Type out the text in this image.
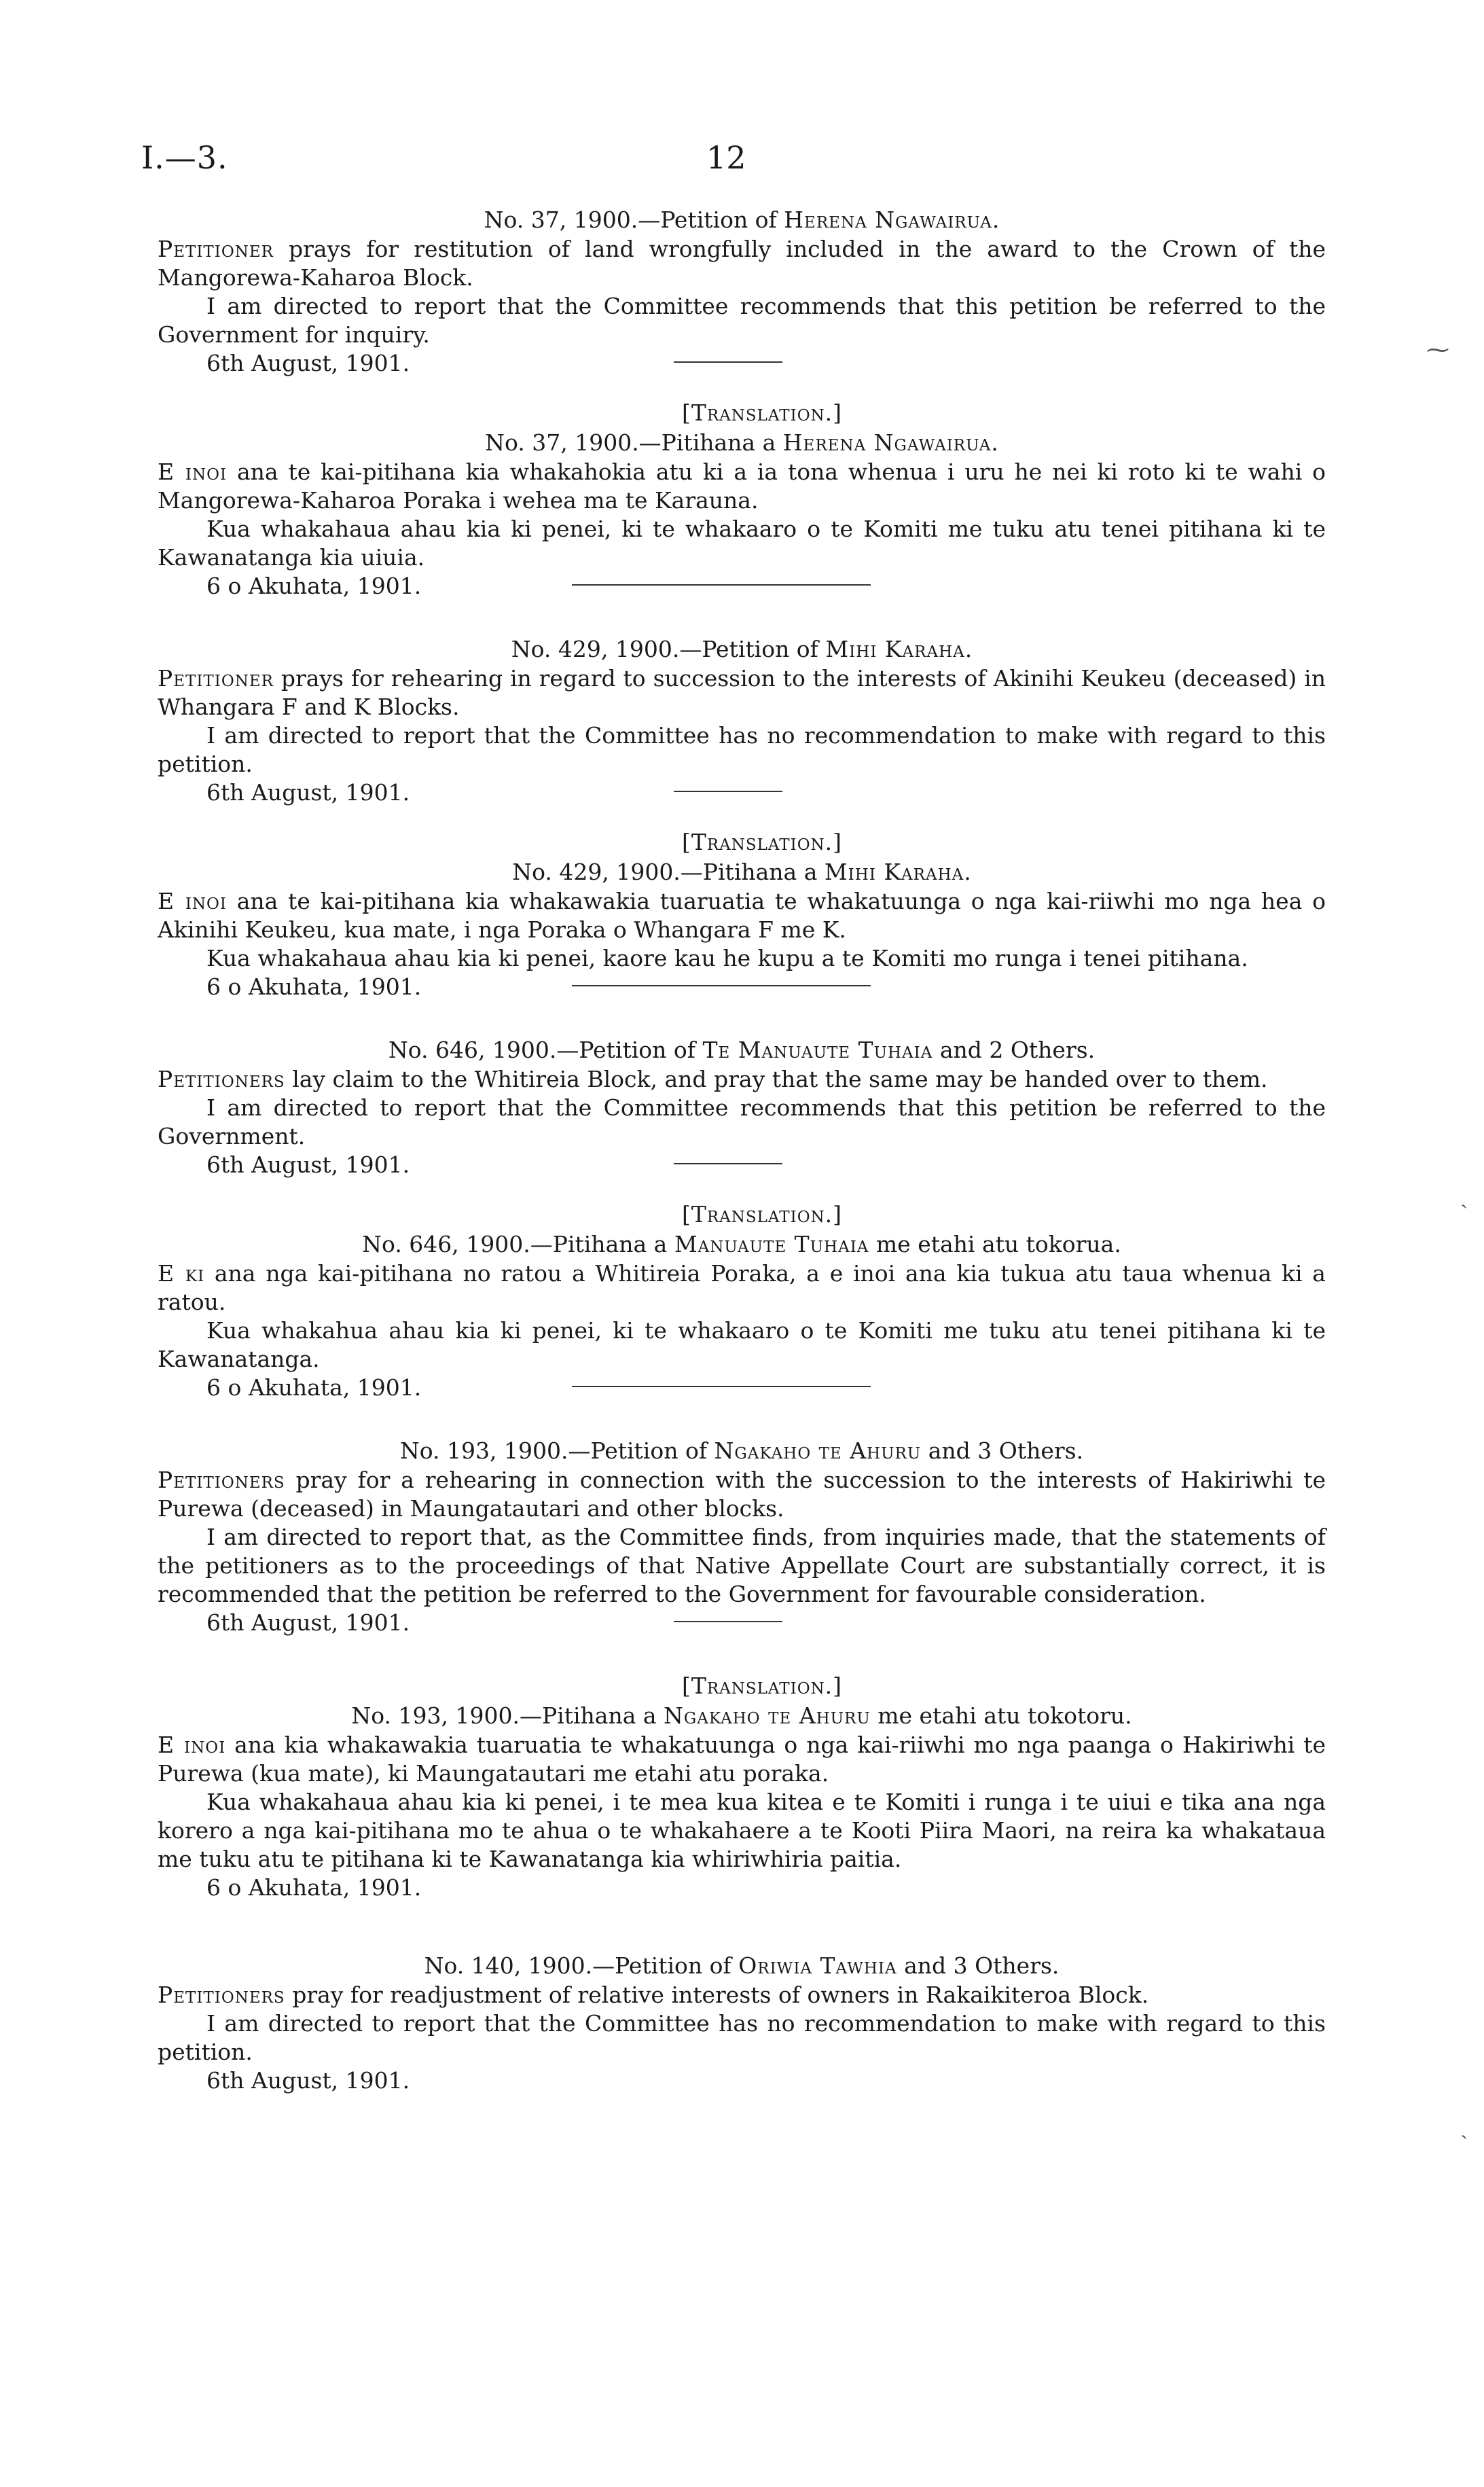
I.—3.	12

No. 37, 1900.—Petition of Herena Ngawairua.

Petitioner prays for restitution of land wrongfully included in the award to the Crown of the Mangorewa-Kaharoa Block.

I am directed to report that the Committee recommends that this petition be referred to the Government for inquiry.

6th August, 1901.

[Translation.]

No. 37, 1900.—Pitihana a Herena Ngawairua.

E inoi ana te kai-pitihana kia whakahokia atu ki a ia tona whenua i uru he nei ki roto ki te wahi o Mangorewa-Kaharoa Poraka i wehea ma te Karauna.

Kua whakahaua ahau kia ki penei, ki te whakaaro o te Komiti me tuku atu tenei pitihana ki te Kawanatanga kia uiuia.

6 o Akuhata, 1901.

No. 429, 1900.—Petition of Mihi Karaha.

Petitioner prays for rehearing in regard to succession to the interests of Akinihi Keukeu (deceased) in Whangara F and K Blocks.

I am directed to report that the Committee has no recommendation to make with regard to this petition.

6th August, 1901.

[Translation.]

No. 429, 1900.—Pitihana a Mihi Karaha.

E inoi ana te kai-pitihana kia whakawakia tuaruatia te whakatuunga o nga kai-riiwhi mo nga hea o Akinihi Keukeu, kua mate, i nga Poraka o Whangara F me K.

Kua whakahaua ahau kia ki penei, kaore kau he kupu a te Komiti mo runga i tenei pitihana.

6 o Akuhata, 1901.

No. 646, 1900.—Petition of Te Manuaute Tuhaia and 2 Others.

Petitioners lay claim to the Whitireia Block, and pray that the same may be handed over to them.

I am directed to report that the Committee recommends that this petition be referred to the Government.

6th August, 1901.

[Translation.]

No. 646, 1900.—Pitihana a Manuaute Tuhaia me etahi atu tokorua.

E ki ana nga kai-pitihana no ratou a Whitireia Poraka, a e inoi ana kia tukua atu taua whenua ki a ratou.

Kua whakahua ahau kia ki penei, ki te whakaaro o te Komiti me tuku atu tenei pitihana ki te Kawanatanga.

6 o Akuhata, 1901.

No. 193, 1900.—Petition of Ngakaho te Ahuru and 3 Others.

Petitioners pray for a rehearing in connection with the succession to the interests of Hakiriwhi te Purewa (deceased) in Maungatautari and other blocks.

I am directed to report that, as the Committee finds, from inquiries made, that the statements of the petitioners as to the proceedings of that Native Appellate Court are substantially correct, it is recommended that the petition be referred to the Government for favourable consideration.

6th August, 1901.

[Translation.]

No. 193, 1900.—Pitihana a Ngakaho te Ahuru me etahi atu tokotoru.

E inoi ana kia whakawakia tuaruatia te whakatuunga o nga kai-riiwhi mo nga paanga o Hakiriwhi te Purewa (kua mate), ki Maungatautari me etahi atu poraka.

Kua whakahaua ahau kia ki penei, i te mea kua kitea e te Komiti i runga i te uiui e tika ana nga korero a nga kai-pitihana mo te ahua o te whakahaere a te Kooti Piira Maori, na reira ka whakataua me tuku atu te pitihana ki te Kawanatanga kia whiriwhiria paitia.

6 o Akuhata, 1901.

No. 140, 1900.—Petition of Oriwia Tawhia and 3 Others.

Petitioners pray for readjustment of relative interests of owners in Rakaikiteroa Block.

I am directed to report that the Committee has no recommendation to make with regard to this petition.

6th August, 1901.

⁓
ˏ
ˎ
